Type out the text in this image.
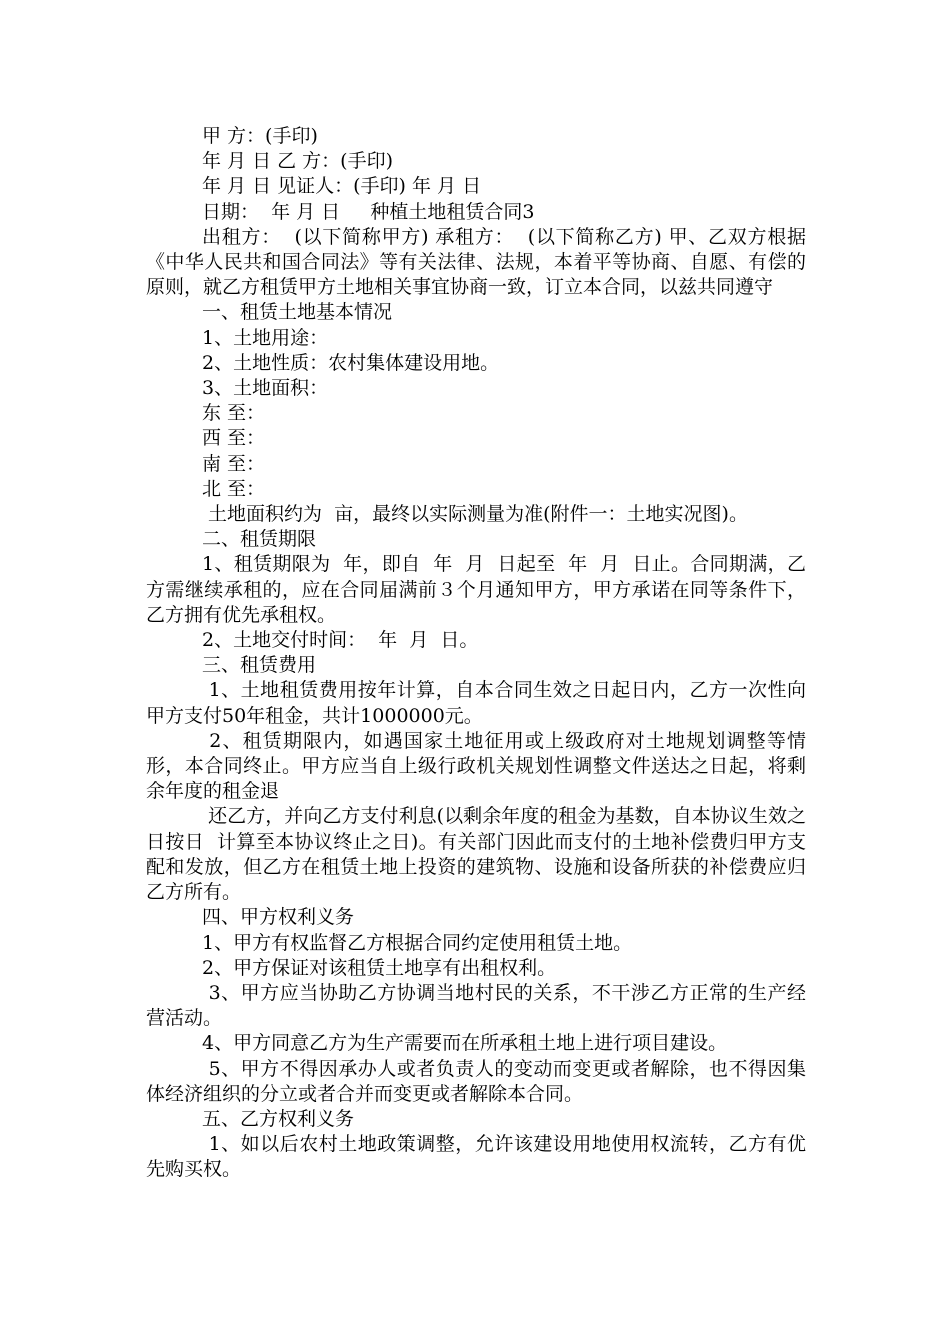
甲 方：(手印)

年 月 日 乙 方：(手印)

年 月 日 见证人：(手印) 年 月 日

日期：  年 月 日     种植土地租赁合同3

出租方：  (以下简称甲方) 承租方：  (以下简称乙方) 甲、乙双方根据《中华人民共和国合同法》等有关法律、法规，本着平等协商、自愿、有偿的原则，就乙方租赁甲方土地相关事宜协商一致，订立本合同，以兹共同遵守

一、租赁土地基本情况

1、土地用途：

2、土地性质：农村集体建设用地。

3、土地面积：

东 至：

西 至：

南 至：

北 至：

土地面积约为  亩，最终以实际测量为准(附件一：土地实况图)。

二、租赁期限

1、租赁期限为  年，即自  年  月  日起至  年  月  日止。合同期满，乙方需继续承租的，应在合同届满前３个月通知甲方，甲方承诺在同等条件下，乙方拥有优先承租权。

2、土地交付时间：  年  月  日。

三、租赁费用

1、土地租赁费用按年计算，自本合同生效之日起日内，乙方一次性向甲方支付50年租金，共计1000000元。

2、租赁期限内，如遇国家土地征用或上级政府对土地规划调整等情形，本合同终止。甲方应当自上级行政机关规划性调整文件送达之日起，将剩余年度的租金退

还乙方，并向乙方支付利息(以剩余年度的租金为基数，自本协议生效之日按日  计算至本协议终止之日)。有关部门因此而支付的土地补偿费归甲方支配和发放，但乙方在租赁土地上投资的建筑物、设施和设备所获的补偿费应归乙方所有。

四、甲方权利义务

1、甲方有权监督乙方根据合同约定使用租赁土地。

2、甲方保证对该租赁土地享有出租权利。

3、甲方应当协助乙方协调当地村民的关系，不干涉乙方正常的生产经营活动。

4、甲方同意乙方为生产需要而在所承租土地上进行项目建设。

5、甲方不得因承办人或者负责人的变动而变更或者解除，也不得因集体经济组织的分立或者合并而变更或者解除本合同。

五、乙方权利义务

1、如以后农村土地政策调整，允许该建设用地使用权流转，乙方有优先购买权。
